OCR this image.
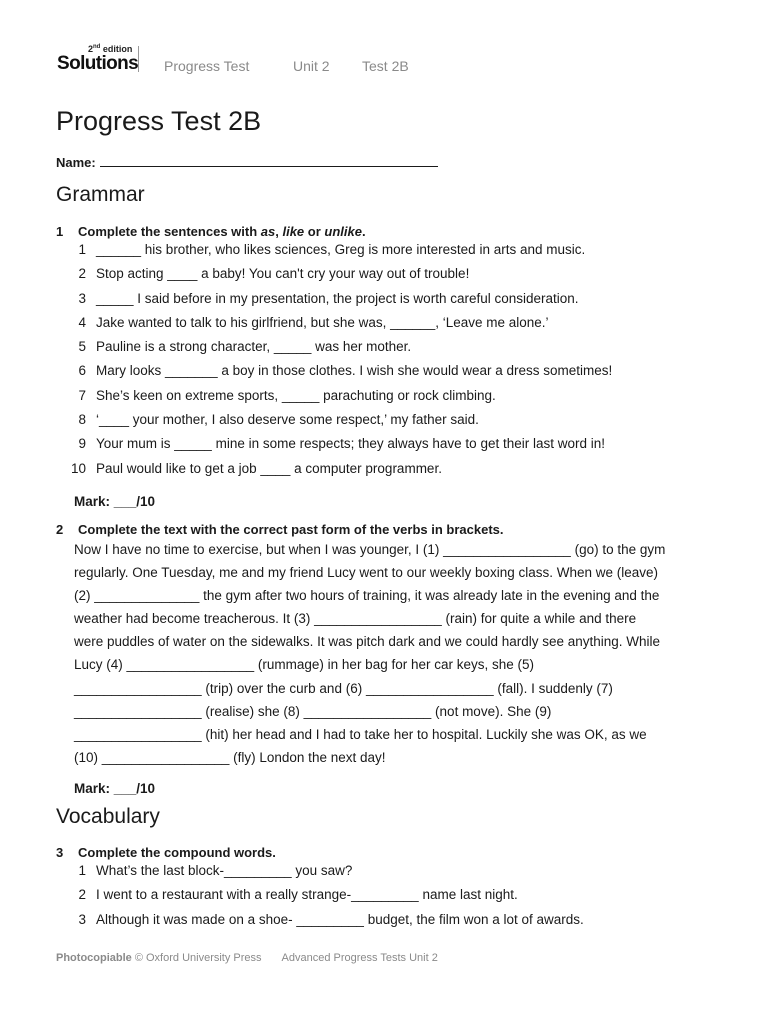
2nd edition
Solutions Progress Test	Unit 2 Test 2B
Progress Test 2B
Name:
Grammar
1 Complete the sentences with as, like or unlike.
1 ______ his brother, who likes sciences, Greg is more interested in arts and music.
2 Stop acting ____ a baby! You can't cry your way out of trouble!
3 _____ I said before in my presentation, the project is worth careful consideration.
4 Jake wanted to talk to his girlfriend, but she was, ______, ‘Leave me alone.’
5 Pauline is a strong character, _____ was her mother.
6 Mary looks _______ a boy in those clothes. I wish she would wear a dress sometimes!
7 She’s keen on extreme sports, _____ parachuting or rock climbing.
8 ‘____ your mother, I also deserve some respect,’ my father said.
9 Your mum is _____ mine in some respects; they always have to get their last word in!
10 Paul would like to get a job ____ a computer programmer.
Mark: ___/10
2 Complete the text with the correct past form of the verbs in brackets.

Now I have no time to exercise, but when I was younger, I (1) _________________ (go) to the gym
regularly. One Tuesday, me and my friend Lucy went to our weekly boxing class. When we (leave)
(2) ______________ the gym after two hours of training, it was already late in the evening and the
weather had become treacherous. It (3) _________________ (rain) for quite a while and there
were puddles of water on the sidewalks. It was pitch dark and we could hardly see anything. While
Lucy (4) _________________ (rummage) in her bag for her car keys, she (5)
_________________ (trip) over the curb and (6) _________________ (fall). I suddenly (7)
_________________ (realise) she (8) _________________ (not move). She (9)
_________________ (hit) her head and I had to take her to hospital. Luckily she was OK, as we
(10) _________________ (fly) London the next day!

Mark: ___/10
Vocabulary
3 Complete the compound words.
1 What’s the last block-_________ you saw?
2 I went to a restaurant with a really strange-_________ name last night.
3 Although it was made on a shoe- _________ budget, the film won a lot of awards.
Photocopiable © Oxford University Press Advanced Progress Tests Unit 2
